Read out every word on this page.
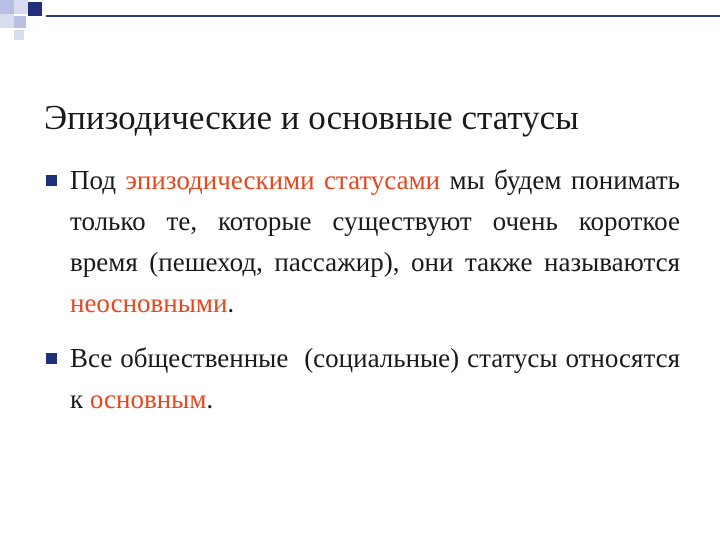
Эпизодические и основные статусы
Под эпизодическими статусами мы будем понимать только те, которые существуют очень короткое время (пешеход, пассажир), они также называются неосновными.
Все общественные  (социальные) статусы относятся к основным.
